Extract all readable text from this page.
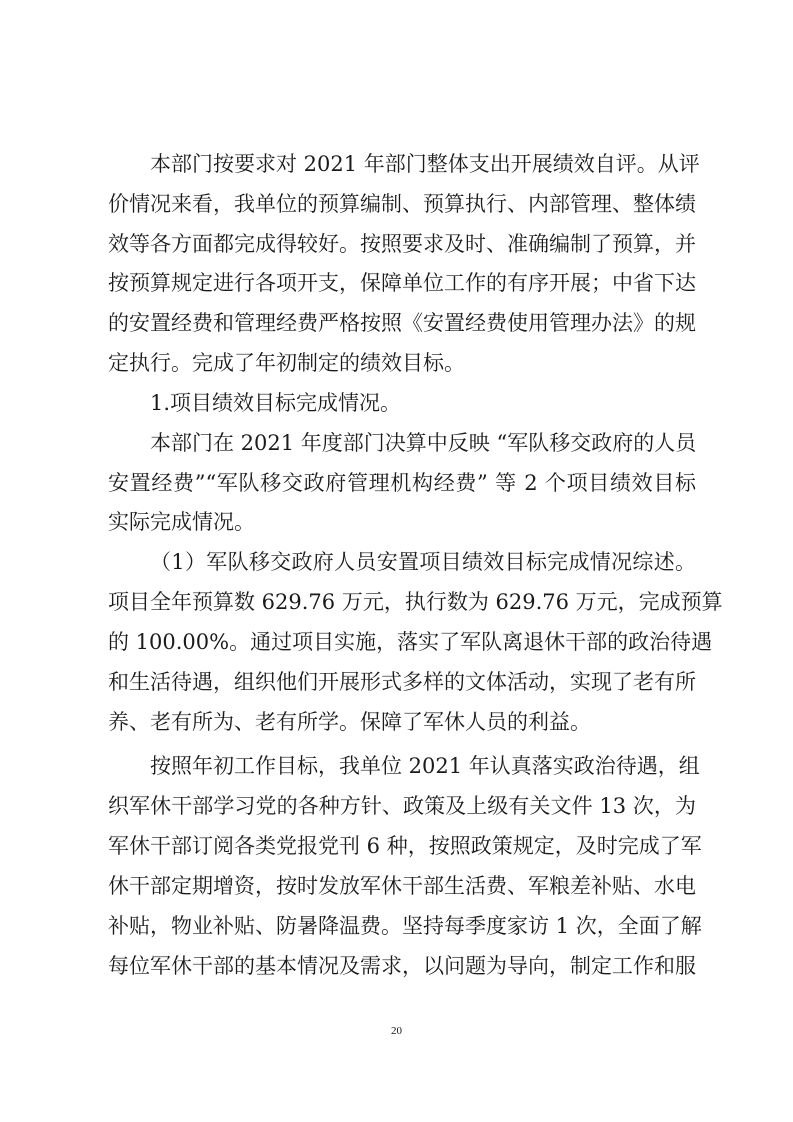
本部门按要求对 2021 年部门整体支出开展绩效自评。从评
价情况来看，我单位的预算编制、预算执行、内部管理、整体绩
效等各方面都完成得较好。按照要求及时、准确编制了预算，并
按预算规定进行各项开支，保障单位工作的有序开展；中省下达
的安置经费和管理经费严格按照《安置经费使用管理办法》的规
定执行。完成了年初制定的绩效目标。
1.项目绩效目标完成情况。
本部门在 2021 年度部门决算中反映 “军队移交政府的人员
安置经费”“军队移交政府管理机构经费” 等 2 个项目绩效目标
实际完成情况。
（1）军队移交政府人员安置项目绩效目标完成情况综述。
项目全年预算数 629.76 万元，执行数为 629.76 万元，完成预算
的 100.00%。通过项目实施，落实了军队离退休干部的政治待遇
和生活待遇，组织他们开展形式多样的文体活动，实现了老有所
养、老有所为、老有所学。保障了军休人员的利益。
按照年初工作目标，我单位 2021 年认真落实政治待遇，组
织军休干部学习党的各种方针、政策及上级有关文件 13 次，为
军休干部订阅各类党报党刊 6 种，按照政策规定，及时完成了军
休干部定期增资，按时发放军休干部生活费、军粮差补贴、水电
补贴，物业补贴、防暑降温费。坚持每季度家访 1 次，全面了解
每位军休干部的基本情况及需求，以问题为导向，制定工作和服
20
